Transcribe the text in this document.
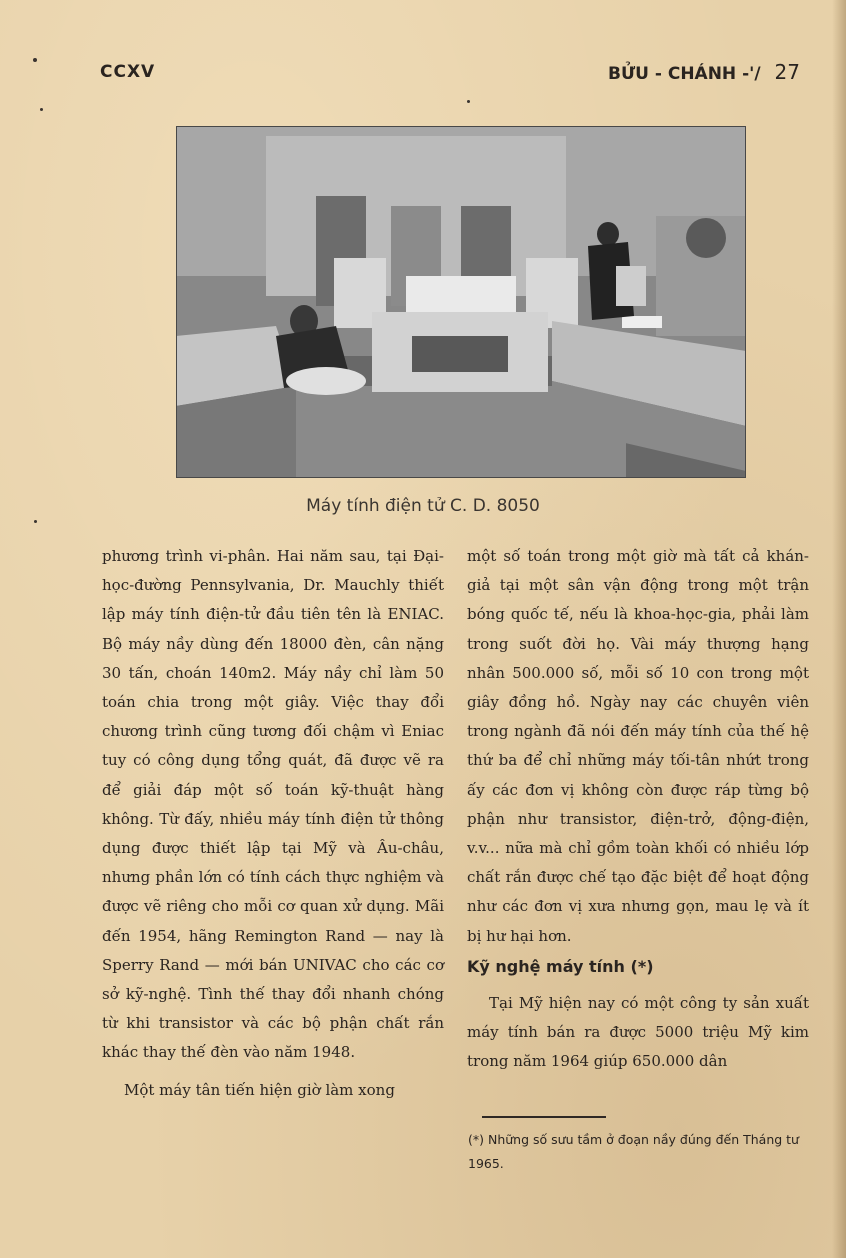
CCXV	BỬU - CHÁNH -'/ 27
Máy tính điện tử C. D. 8050

phương trình vi-phân. Hai năm sau, tại Đại-học-đường Pennsylvania, Dr. Mauchly thiết lập máy tính điện-tử đầu tiên tên là ENIAC. Bộ máy nầy dùng đến 18000 đèn, cân nặng 30 tấn, choán 140m2. Máy nầy chỉ làm 50 toán chia trong một giây. Việc thay đổi chương trình cũng tương đối chậm vì Eniac tuy có công dụng tổng quát, đã được vẽ ra để giải đáp một số toán kỹ-thuật hàng không. Từ đấy, nhiều máy tính điện tử thông dụng được thiết lập tại Mỹ và Âu-châu, nhưng phần lớn có tính cách thực nghiệm và được vẽ riêng cho mỗi cơ quan xử dụng. Mãi đến 1954, hãng Remington Rand — nay là Sperry Rand — mới bán UNIVAC cho các cơ sở kỹ-nghệ. Tình thế thay đổi nhanh chóng từ khi transistor và các bộ phận chất rắn khác thay thế đèn vào năm 1948.

Một máy tân tiến hiện giờ làm xong

một số toán trong một giờ mà tất cả khán-giả tại một sân vận động trong một trận bóng quốc tế, nếu là khoa-học-gia, phải làm trong suốt đời họ. Vài máy thượng hạng nhân 500.000 số, mỗi số 10 con trong một giây đồng hồ. Ngày nay các chuyên viên trong ngành đã nói đến máy tính của thế hệ thứ ba để chỉ những máy tối-tân nhứt trong ấy các đơn vị không còn được ráp từng bộ phận như transistor, điện-trở, động-điện, v.v... nữa mà chỉ gồm toàn khối có nhiều lớp chất rắn được chế tạo đặc biệt để hoạt động như các đơn vị xưa nhưng gọn, mau lẹ và ít bị hư hại hơn.

Kỹ nghệ máy tính (*)

Tại Mỹ hiện nay có một công ty sản xuất máy tính bán ra được 5000 triệu Mỹ kim trong năm 1964 giúp 650.000 dân

(*) Những số sưu tầm ở đoạn nầy đúng đến Tháng tư 1965.
